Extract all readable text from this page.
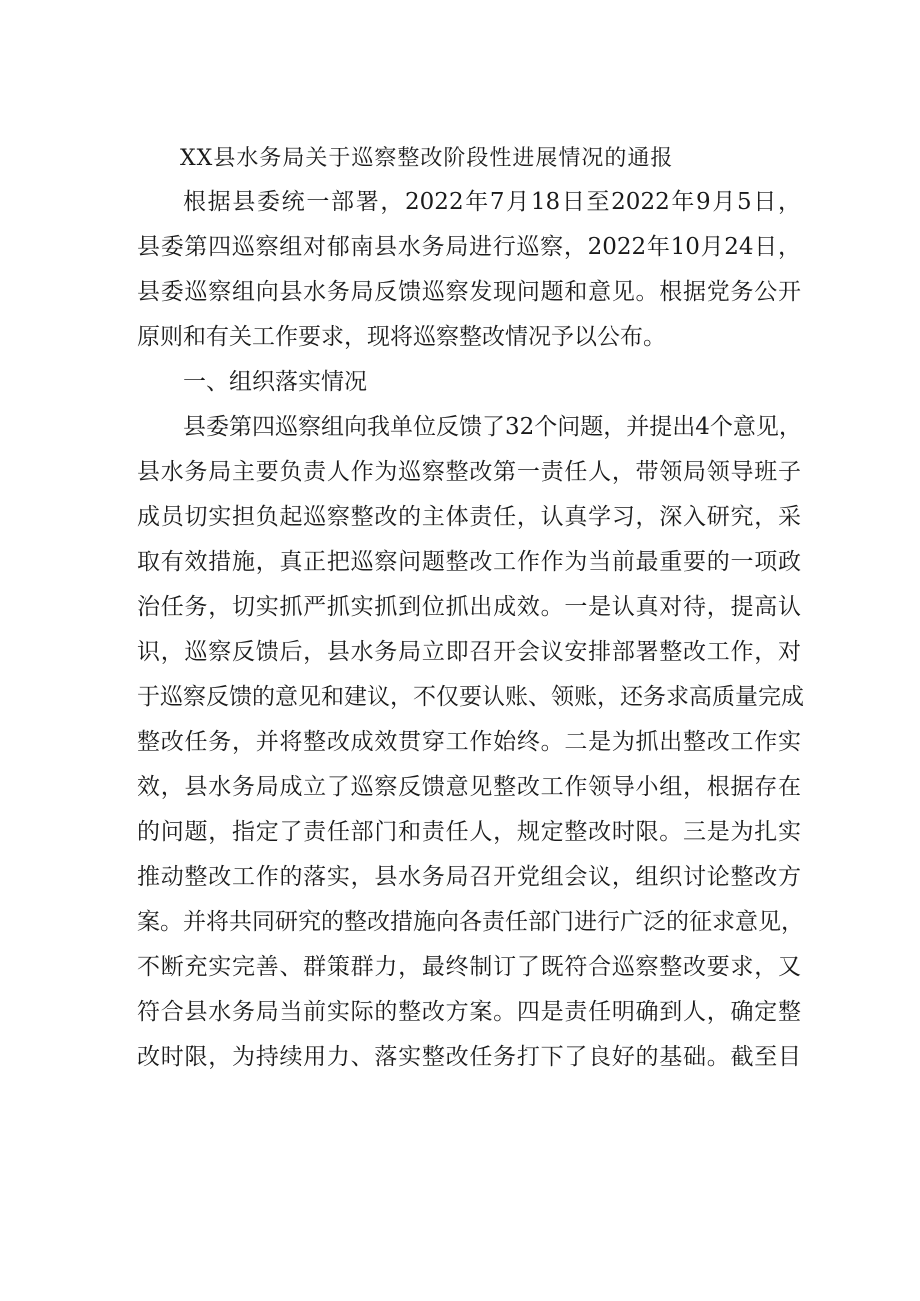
XX县水务局关于巡察整改阶段性进展情况的通报
根据县委统一部署，2022年7月18日至2022年9月5日，
县委第四巡察组对郁南县水务局进行巡察，2022年10月24日，
县委巡察组向县水务局反馈巡察发现问题和意见。根据党务公开
原则和有关工作要求，现将巡察整改情况予以公布。
一、组织落实情况
县委第四巡察组向我单位反馈了32个问题，并提出4个意见，
县水务局主要负责人作为巡察整改第一责任人，带领局领导班子
成员切实担负起巡察整改的主体责任，认真学习，深入研究，采
取有效措施，真正把巡察问题整改工作作为当前最重要的一项政
治任务，切实抓严抓实抓到位抓出成效。一是认真对待，提高认
识，巡察反馈后，县水务局立即召开会议安排部署整改工作，对
于巡察反馈的意见和建议，不仅要认账、领账，还务求高质量完成
整改任务，并将整改成效贯穿工作始终。二是为抓出整改工作实
效，县水务局成立了巡察反馈意见整改工作领导小组，根据存在
的问题，指定了责任部门和责任人，规定整改时限。三是为扎实
推动整改工作的落实，县水务局召开党组会议，组织讨论整改方
案。并将共同研究的整改措施向各责任部门进行广泛的征求意见，
不断充实完善、群策群力，最终制订了既符合巡察整改要求，又
符合县水务局当前实际的整改方案。四是责任明确到人，确定整
改时限，为持续用力、落实整改任务打下了良好的基础。截至目
